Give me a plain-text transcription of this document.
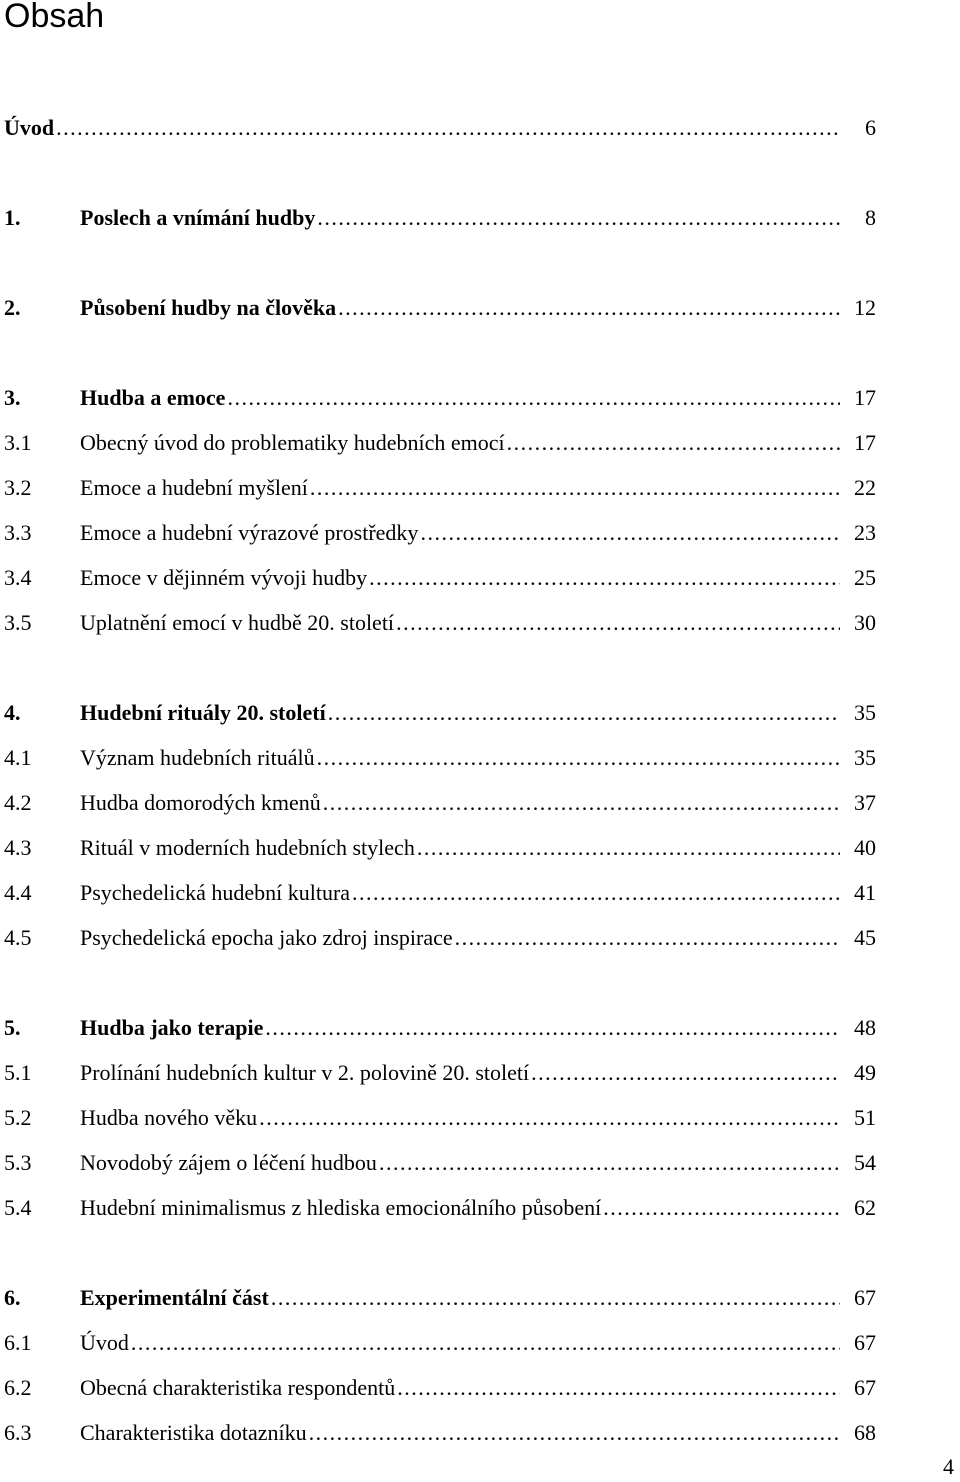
Obsah
Úvod . . .	6
1.	Poslech a vnímání hudby . . .	8
2.	Působení hudby na člověka . . .	12
3.	Hudba a emoce . . .	17
3.1 Obecný úvod do problematiky hudebních emocí . . .	17
3.2 Emoce a hudební myšlení . . .	22
3.3 Emoce a hudební výrazové prostředky . . .	23
3.4 Emoce v dějinném vývoji hudby . . .	25
3.5 Uplatnění emocí v hudbě 20. století . . .	30
4.	Hudební rituály 20. století . . .	35
4.1 Význam hudebních rituálů . . .	35
4.2 Hudba domorodých kmenů . . .	37
4.3 Rituál v moderních hudebních stylech . . .	40
4.4 Psychedelická hudební kultura . . .	41
4.5 Psychedelická epocha jako zdroj inspirace . . .	45
5.	Hudba jako terapie . . .	48
5.1 Prolínání hudebních kultur v 2. polovině 20. století . . .	49
5.2 Hudba nového věku . . .	51
5.3 Novodobý zájem o léčení hudbou . . .	54
5.4 Hudební minimalismus z hlediska emocionálního působení . . .	62
6.	Experimentální část . . .	67
6.1 Úvod . . .	67
6.2 Obecná charakteristika respondentů . . .	67
6.3 Charakteristika dotazníku . . .	68
4
